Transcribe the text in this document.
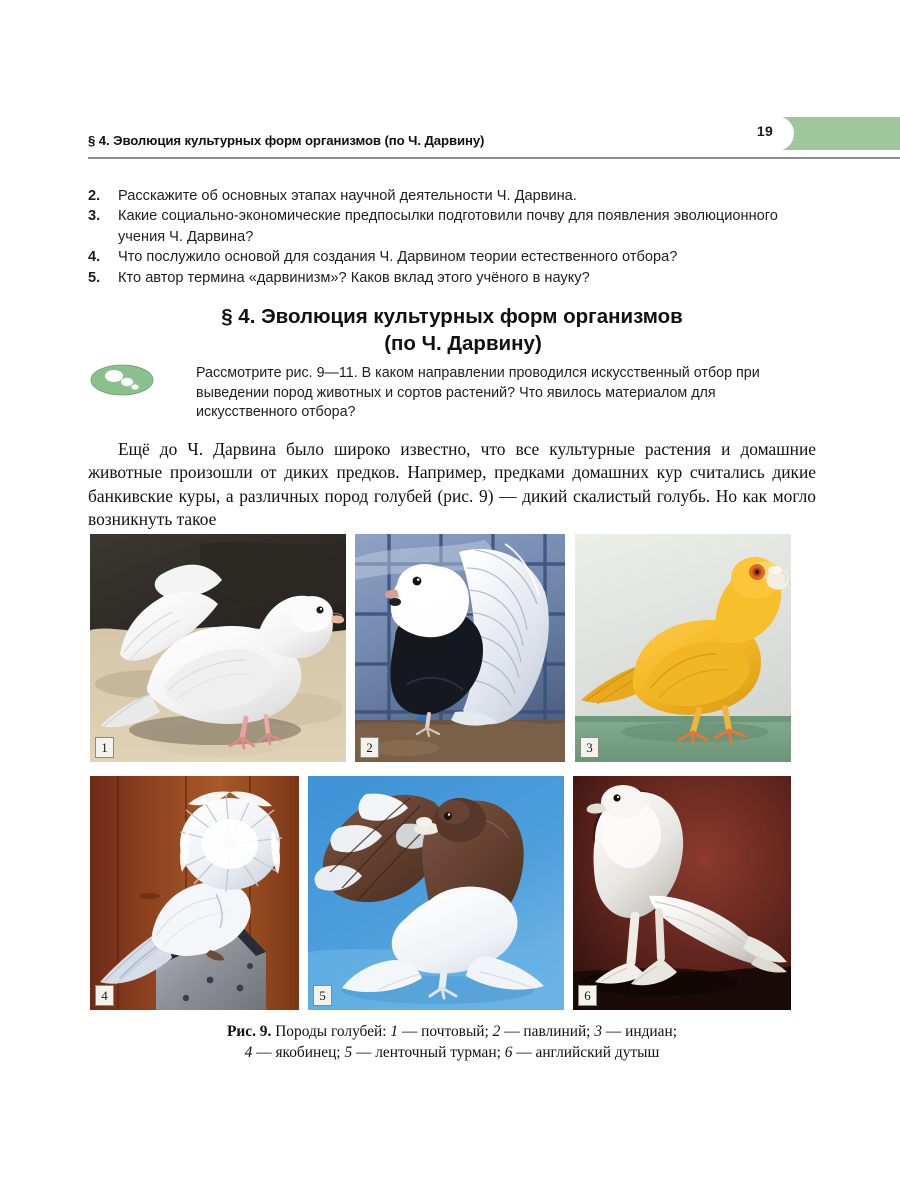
19
§ 4. Эволюция культурных форм организмов (по Ч. Дарвину)
2.	Расскажите об основных этапах научной деятельности Ч. Дарвина.
3.	Какие социально-экономические предпосылки подготовили почву для появления эволюционного учения Ч. Дарвина?
4.	Что послужило основой для создания Ч. Дарвином теории естественного отбора?
5.	Кто автор термина «дарвинизм»? Каков вклад этого учёного в науку?
§ 4. Эволюция культурных форм организмов
(по Ч. Дарвину)
Рассмотрите рис. 9—11. В каком направлении проводился искусственный отбор при выведении пород животных и сортов растений? Что явилось материалом для искусственного отбора?
Ещё до Ч. Дарвина было широко известно, что все культурные растения и домашние животные произошли от диких предков. Например, предками домашних кур считались дикие банкивские куры, а различных пород голубей (рис. 9) — дикий скалистый голубь. Но как могло возникнуть такое
1	2	3
4	5	6
Рис. 9. Породы голубей: 1 — почтовый; 2 — павлиний; 3 — индиан;
4 — якобинец; 5 — ленточный турман; 6 — английский дутыш
